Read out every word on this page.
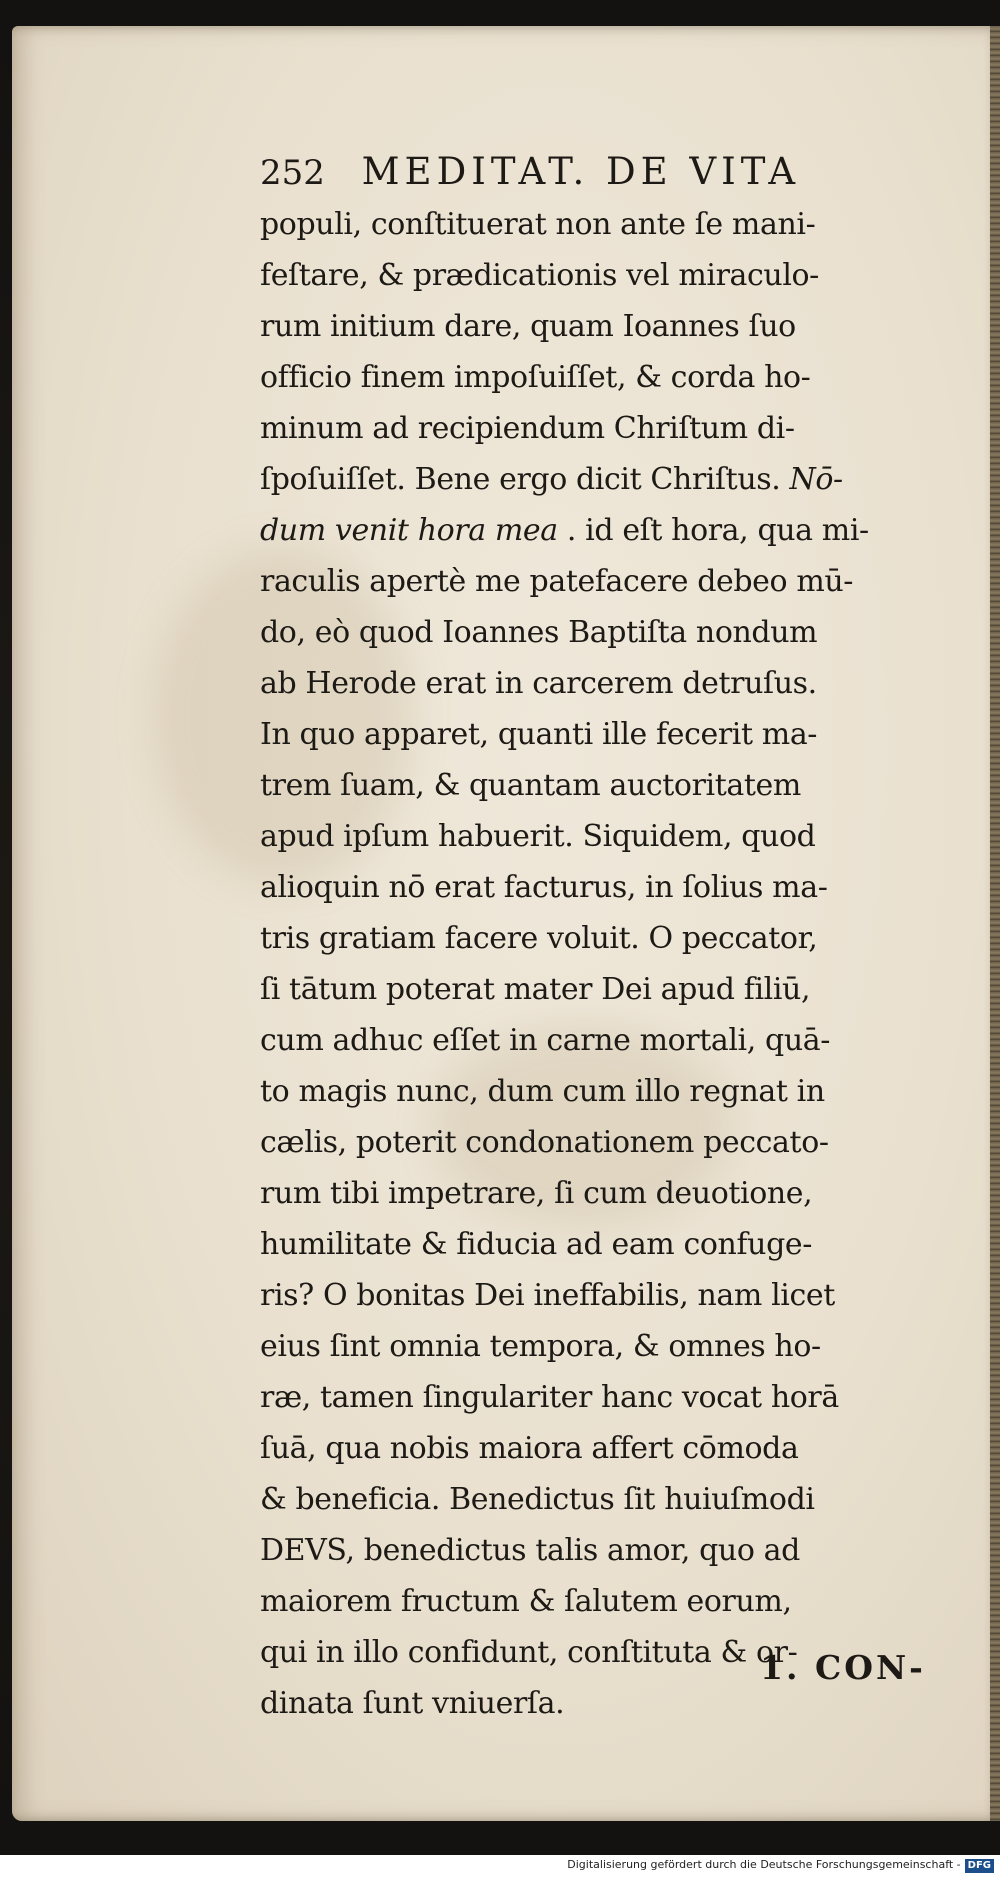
252 MEDITAT. DE VITA
populi, conſtituerat non ante ſe mani-
feſtare, & prædicationis vel miraculo-
rum initium dare, quam Ioannes ſuo
officio finem impoſuiſſet, & corda ho-
minum ad recipiendum Chriſtum di-
ſpoſuiſſet. Bene ergo dicit Chriſtus. Nō-
dum venit hora mea . id eſt hora, qua mi-
raculis apertè me patefacere debeo mū-
do, eò quod Ioannes Baptiſta nondum
ab Herode erat in carcerem detruſus.
In quo apparet, quanti ille fecerit ma-
trem ſuam, & quantam auctoritatem
apud ipſum habuerit. Siquidem, quod
alioquin nō erat facturus, in ſolius ma-
tris gratiam facere voluit. O peccator,
ſi tātum poterat mater Dei apud filiū,
cum adhuc eſſet in carne mortali, quā-
to magis nunc, dum cum illo regnat in
cælis, poterit condonationem peccato-
rum tibi impetrare, ſi cum deuotione,
humilitate & fiducia ad eam confuge-
ris? O bonitas Dei ineffabilis, nam licet
eius ſint omnia tempora, & omnes ho-
ræ, tamen ſingulariter hanc vocat horā
ſuā, qua nobis maiora affert cōmoda
& beneficia. Benedictus ſit huiuſmodi
DEVS, benedictus talis amor, quo ad
maiorem fructum & ſalutem eorum,
qui in illo confidunt, conſtituta & or-
dinata ſunt vniuerſa.
1. CON-
Digitalisierung gefördert durch die Deutsche Forschungsgemeinschaft - DFG
